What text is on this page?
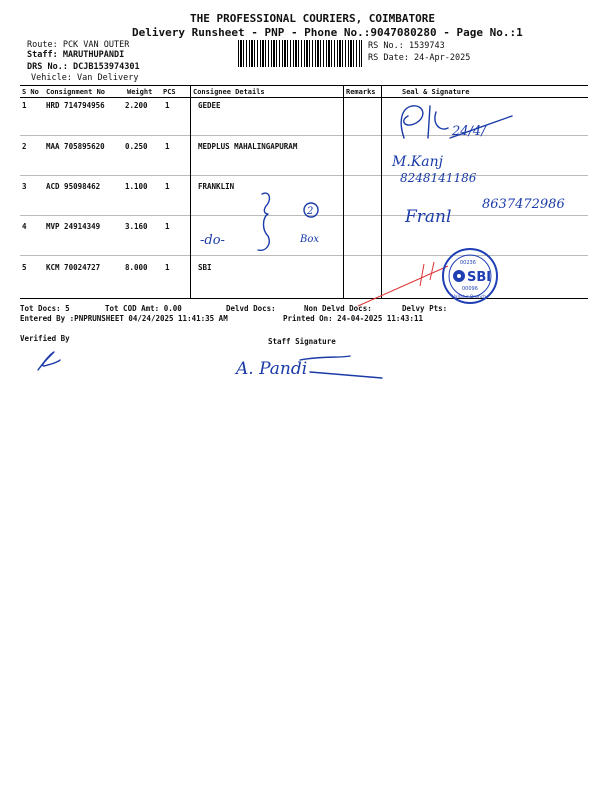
THE PROFESSIONAL COURIERS, COIMBATORE
Delivery Runsheet - PNP - Phone No.:9047080280 - Page No.:1
Route: PCK VAN OUTER
Staff: MARUTHUPANDI
DRS No.: DCJB153974301
Vehicle: Van Delivery
RS No.: 1539743
RS Date: 24-Apr-2025
S No Consignment No	Weight PCS Consignee Details	Remarks	Seal & Signature
1	HRD 714794956	2.200 1	GEDEE
2	MAA 705895620	0.250 1	MEDPLUS MAHALINGAPURAM
3	ACD 95098462	1.100 1	FRANKLIN
4	MVP 24914349	3.160 1
5	KCM 70024727	8.000 1	SBI
Tot Docs: 5	Tot COD Amt: 0.00	Delvd Docs:	Non Delvd Docs:	Delvy Pts:
Entered By :PNPRUNSHEET 04/24/2025 11:41:35 AM	Printed On: 24-04-2025 11:43:11
Verified By	Staff Signature
24/4/
M.Kanj
8248141186
Franl
8637472986
2
-do-	Box
SBI
00236
00096
Vallalur Branch
A. Pandi
